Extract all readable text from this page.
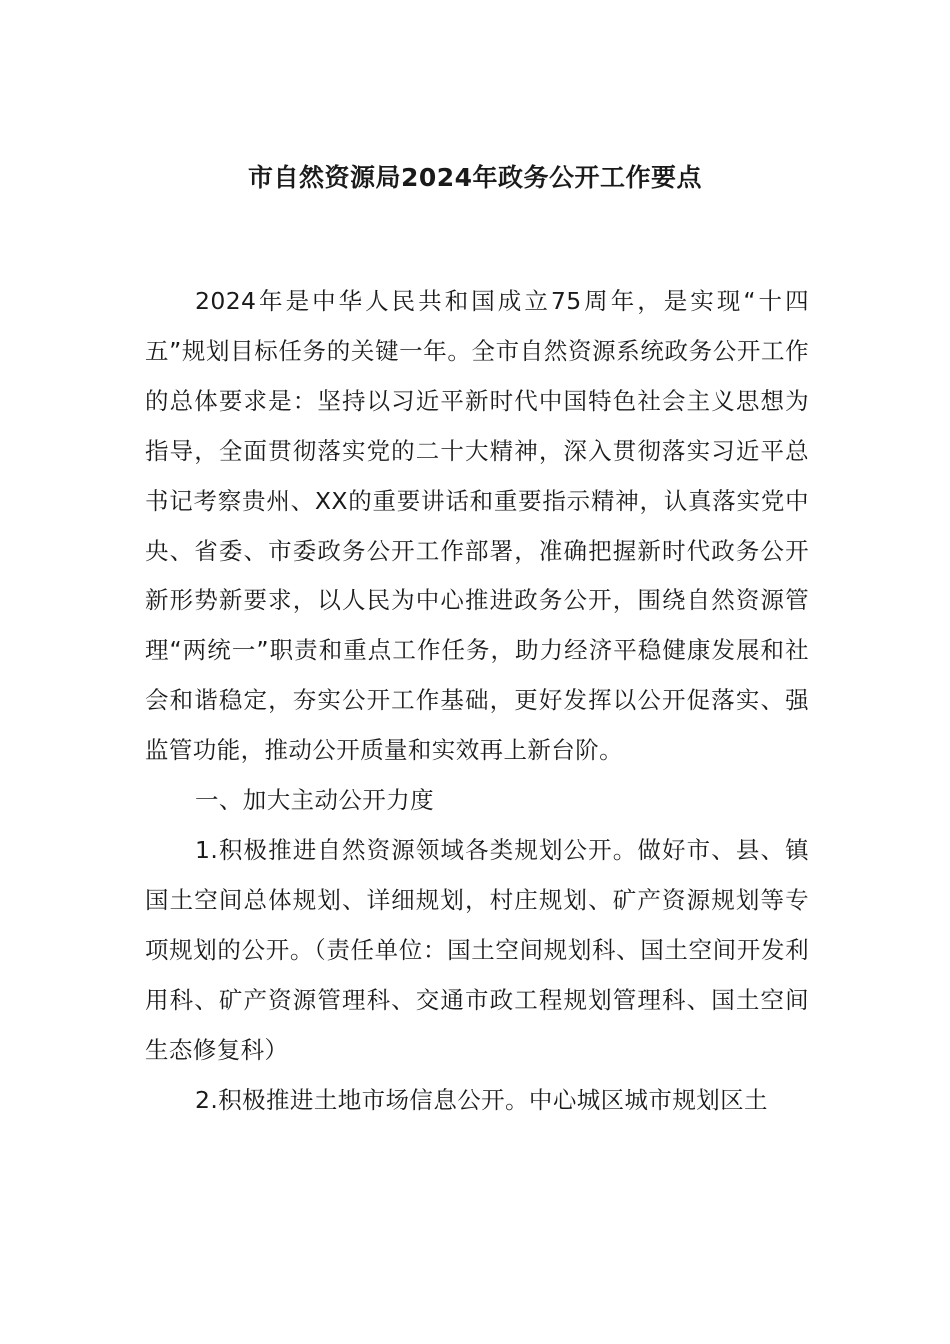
市自然资源局2024年政务公开工作要点

2024年是中华人民共和国成立75周年，是实现“十四五”规划目标任务的关键一年。全市自然资源系统政务公开工作的总体要求是：坚持以习近平新时代中国特色社会主义思想为指导，全面贯彻落实党的二十大精神，深入贯彻落实习近平总书记考察贵州、XX的重要讲话和重要指示精神，认真落实党中央、省委、市委政务公开工作部署，准确把握新时代政务公开新形势新要求，以人民为中心推进政务公开，围绕自然资源管理“两统一”职责和重点工作任务，助力经济平稳健康发展和社会和谐稳定，夯实公开工作基础，更好发挥以公开促落实、强监管功能，推动公开质量和实效再上新台阶。

一、加大主动公开力度

1.积极推进自然资源领域各类规划公开。做好市、县、镇国土空间总体规划、详细规划，村庄规划、矿产资源规划等专项规划的公开。（责任单位：国土空间规划科、国土空间开发利用科、矿产资源管理科、交通市政工程规划管理科、国土空间生态修复科）

2.积极推进土地市场信息公开。中心城区城市规划区土
